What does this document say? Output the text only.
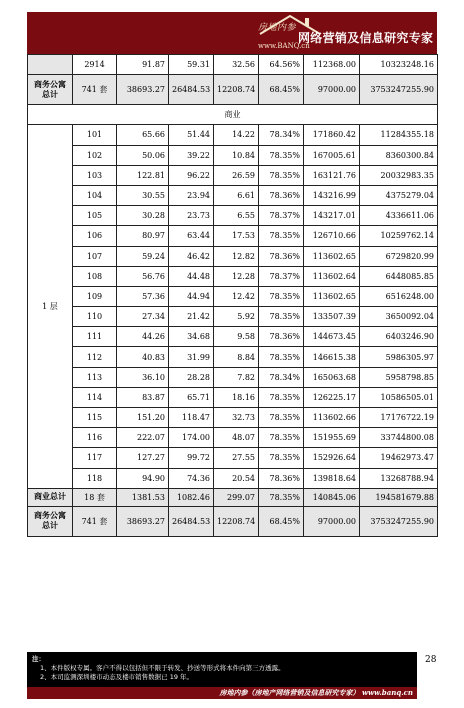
房地内参
www.BANQ.cn
网络营销及信息研究专家
	2914	91.87	59.31	32.56	64.56%	112368.00	10323248.16
商务公寓总计	741 套	38693.27	26484.53	12208.74	68.45%	97000.00	3753247255.90
商业							
1 层	101	65.66	51.44	14.22	78.34%	171860.42	11284355.18
	102	50.06	39.22	10.84	78.35%	167005.61	8360300.84
	103	122.81	96.22	26.59	78.35%	163121.76	20032983.35
	104	30.55	23.94	6.61	78.36%	143216.99	4375279.04
	105	30.28	23.73	6.55	78.37%	143217.01	4336611.06
	106	80.97	63.44	17.53	78.35%	126710.66	10259762.14
	107	59.24	46.42	12.82	78.36%	113602.65	6729820.99
	108	56.76	44.48	12.28	78.37%	113602.64	6448085.85
	109	57.36	44.94	12.42	78.35%	113602.65	6516248.00
	110	27.34	21.42	5.92	78.35%	133507.39	3650092.04
	111	44.26	34.68	9.58	78.36%	144673.45	6403246.90
	112	40.83	31.99	8.84	78.35%	146615.38	5986305.97
	113	36.10	28.28	7.82	78.34%	165063.68	5958798.85
	114	83.87	65.71	18.16	78.35%	126225.17	10586505.01
	115	151.20	118.47	32.73	78.35%	113602.66	17176722.19
	116	222.07	174.00	48.07	78.35%	151955.69	33744800.08
	117	127.27	99.72	27.55	78.35%	152926.64	19462973.47
	118	94.90	74.36	20.54	78.36%	139818.64	13268788.94
商业总计	18 套	1381.53	1082.46	299.07	78.35%	140845.06	194581679.88
商务公寓总计	741 套	38693.27	26484.53	12208.74	68.45%	97000.00	3753247255.90
28
注：
1、本件版权专属。客户不得以包括但不限于转发、抄送等形式将本件向第三方透露。
2、本司监测深圳楼市动态及楼市销售数据已 19 年。
房地内参（房地产网络营销及信息研究专家） www.banq.cn
